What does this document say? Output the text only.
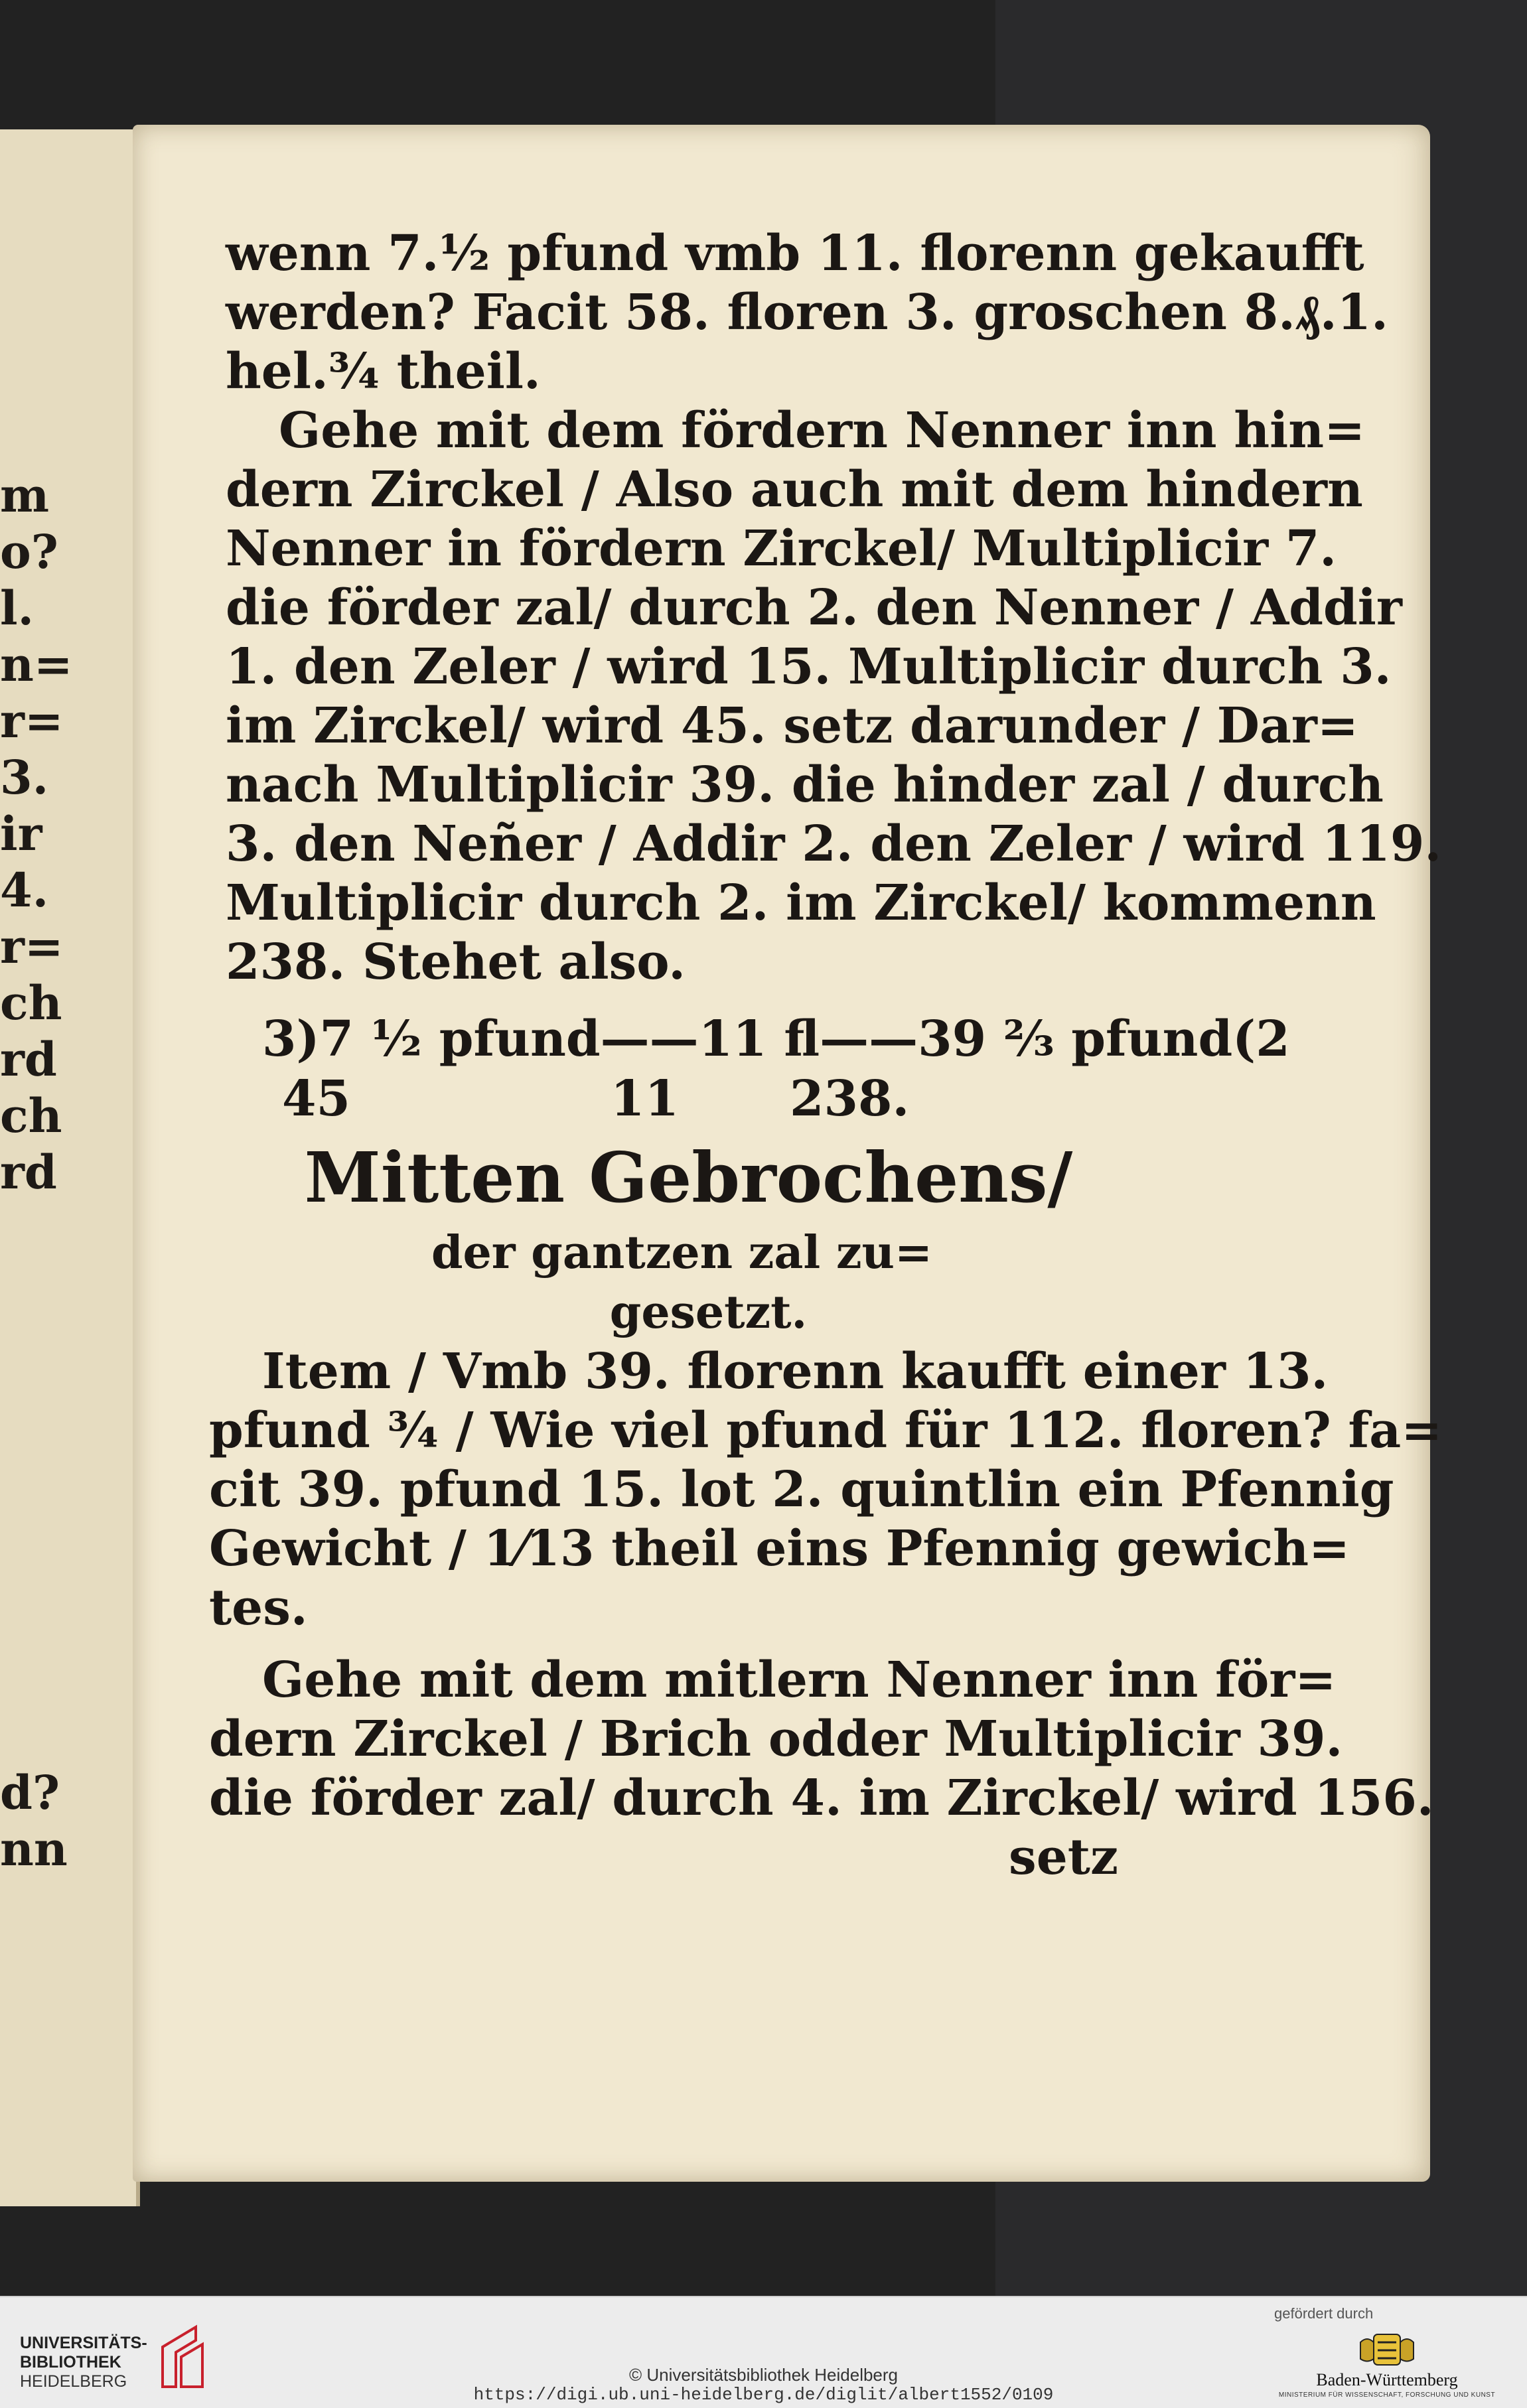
m
o?
l.
n=
r=
3.
ir
4.
r=
ch
rd
ch
rd
d?
nn
wenn 7.½ pfund vmb 11. florenn gekaufft
werden? Facit 58. floren 3. groschen 8.₰.1.
hel.¾ theil.
Gehe mit dem fördern Nenner inn hin=
dern Zirckel / Also auch mit dem hindern
Nenner in fördern Zirckel/ Multiplicir 7.
die förder zal/ durch 2. den Nenner / Addir
1. den Zeler / wird 15. Multiplicir durch 3.
im Zirckel/ wird 45. setz darunder / Dar=
nach Multiplicir 39. die hinder zal / durch
3. den Neñer / Addir 2. den Zeler / wird 119.
Multiplicir durch 2. im Zirckel/ kommenn
238. Stehet also.
3)7 ½ pfund——11 fl——39 ⅔ pfund(2
45	11 238.
Mitten Gebrochens/
der gantzen zal zu=
gesetzt.
Item / Vmb 39. florenn kaufft einer 13.
pfund ¾ / Wie viel pfund für 112. floren? fa=
cit 39. pfund 15. lot 2. quintlin ein Pfennig
Gewicht / 1⁄13 theil eins Pfennig gewich=
tes.
Gehe mit dem mitlern Nenner inn för=
dern Zirckel / Brich odder Multiplicir 39.
die förder zal/ durch 4. im Zirckel/ wird 156.
setz
UNIVERSITÄTS-
BIBLIOTHEK
HEIDELBERG	© Universitätsbibliothek Heidelberg
https://digi.ub.uni-heidelberg.de/diglit/albert1552/0109
gefördert durch
Baden-Württemberg
MINISTERIUM FÜR WISSENSCHAFT, FORSCHUNG UND KUNST
